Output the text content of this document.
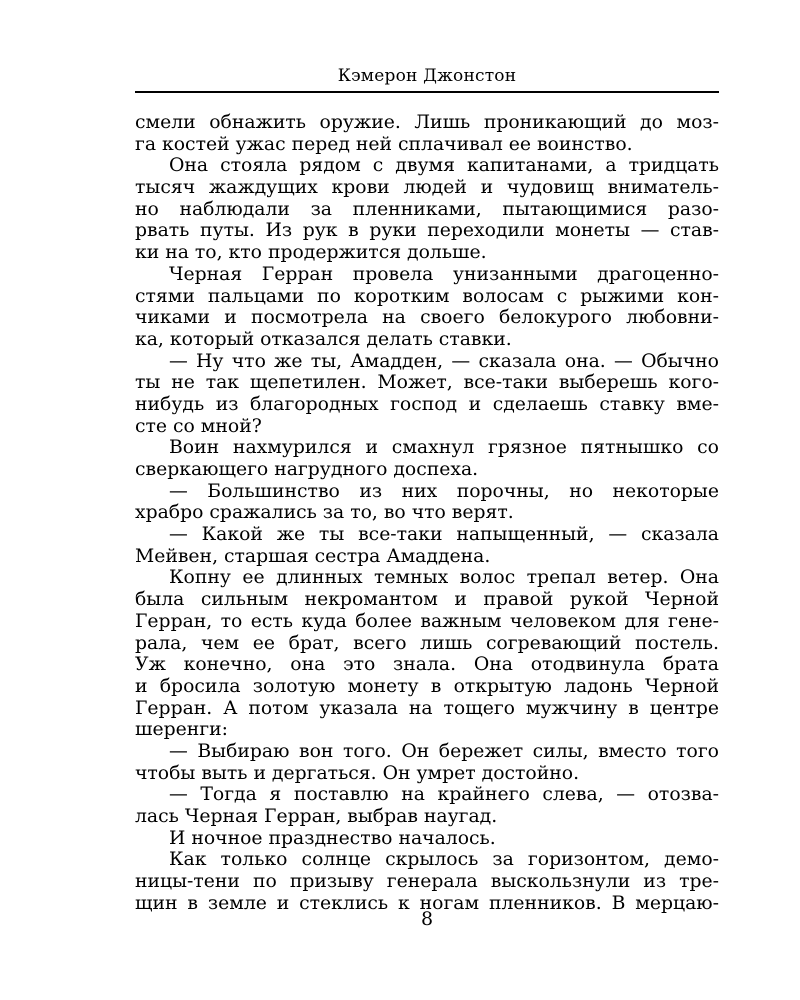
Кэмерон Джонстон
смели обнажить оружие. Лишь проникающий до моз-
га костей ужас перед ней сплачивал ее воинство.
Она стояла рядом с двумя капитанами, а тридцать
тысяч жаждущих крови людей и чудовищ вниматель-
но наблюдали за пленниками, пытающимися разо-
рвать путы. Из рук в руки переходили монеты — став-
ки на то, кто продержится дольше.
Черная Герран провела унизанными драгоценно-
стями пальцами по коротким волосам с рыжими кон-
чиками и посмотрела на своего белокурого любовни-
ка, который отказался делать ставки.
— Ну что же ты, Амадден, — сказала она. — Обычно
ты не так щепетилен. Может, все-таки выберешь кого-
нибудь из благородных господ и сделаешь ставку вме-
сте со мной?
Воин нахмурился и смахнул грязное пятнышко со
сверкающего нагрудного доспеха.
— Большинство из них порочны, но некоторые
храбро сражались за то, во что верят.
— Какой же ты все-таки напыщенный, — сказала
Мейвен, старшая сестра Амаддена.
Копну ее длинных темных волос трепал ветер. Она
была сильным некромантом и правой рукой Черной
Герран, то есть куда более важным человеком для гене-
рала, чем ее брат, всего лишь согревающий постель.
Уж конечно, она это знала. Она отодвинула брата
и бросила золотую монету в открытую ладонь Черной
Герран. А потом указала на тощего мужчину в центре
шеренги:
— Выбираю вон того. Он бережет силы, вместо того
чтобы выть и дергаться. Он умрет достойно.
— Тогда я поставлю на крайнего слева, — отозва-
лась Черная Герран, выбрав наугад.
И ночное празднество началось.
Как только солнце скрылось за горизонтом, демо-
ницы-тени по призыву генерала выскользнули из тре-
щин в земле и стеклись к ногам пленников. В мерцаю-
8
